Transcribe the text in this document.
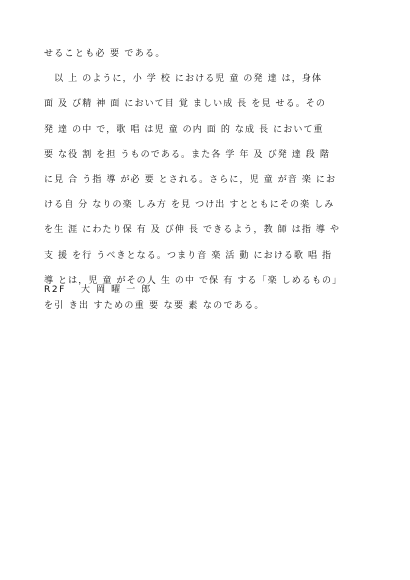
せることも必 要 である。
　以 上 のように，小 学 校 における児 童 の発 達 は，身体
面 及 び精 神 面 において目 覚 ましい成 長 を見 せる。その
発 達 の中 で，歌 唱 は児 童 の内 面 的 な成 長 において重
要 な役 割 を担 うものである。また各 学 年 及 び発 達 段 階
に見 合 う指 導 が必 要 とされる。さらに，児 童 が音 楽 にお
ける自 分 なりの楽 しみ方 を見 つけ出 すとともにその楽 しみ
を生 涯 にわたり保 有 及 び伸 長 できるよう，教 師 は指 導 や
支 援 を行 うべきとなる。つまり音 楽 活 動 における歌 唱 指
導 とは，児 童 がその人 生 の中 で保 有 する「楽 しめるもの」
を引 き出 すための重 要 な要 素 なのである。
R2F　 大 岡 曜 一 郎
